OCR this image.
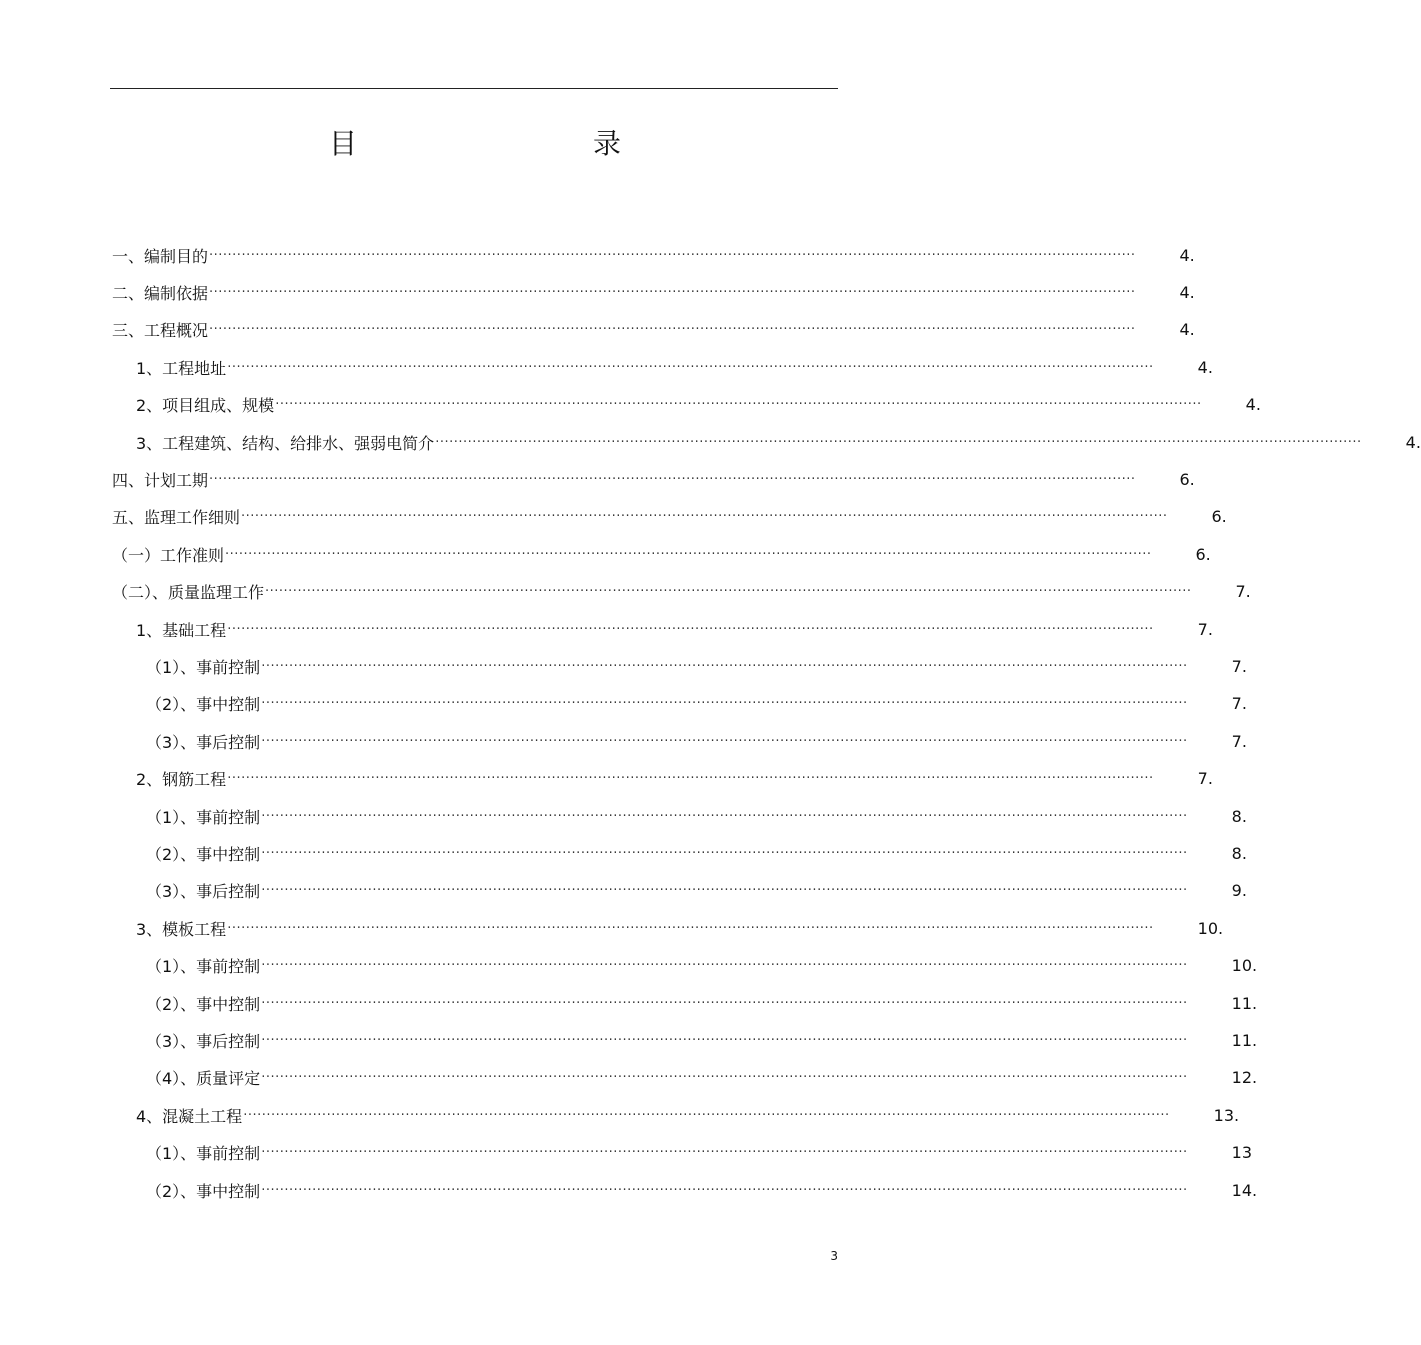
目　　录
一、编制目的 ········································································································································································································	4.
二、编制依据 ········································································································································································································	4.
三、工程概况 ········································································································································································································	4.
1、工程地址 ········································································································································································································	4.
2、项目组成、规模 ········································································································································································································	4.
3、工程建筑、结构、给排水、强弱电简介 ········································································································································································································	4.
四、计划工期 ········································································································································································································	6.
五、监理工作细则 ········································································································································································································	6.
（一）工作准则 ········································································································································································································	6.
（二）、质量监理工作 ········································································································································································································	7.
1、基础工程 ········································································································································································································	7.
（1）、事前控制 ········································································································································································································	7.
（2）、事中控制 ········································································································································································································	7.
（3）、事后控制 ········································································································································································································	7.
2、钢筋工程 ········································································································································································································	7.
（1）、事前控制 ········································································································································································································	8.
（2）、事中控制 ········································································································································································································	8.
（3）、事后控制 ········································································································································································································	9.
3、模板工程 ········································································································································································································	10.
（1）、事前控制 ········································································································································································································	10.
（2）、事中控制 ········································································································································································································	11.
（3）、事后控制 ········································································································································································································	11.
（4）、质量评定 ········································································································································································································	12.
4、混凝土工程 ········································································································································································································	13.
（1）、事前控制 ········································································································································································································	13
（2）、事中控制 ········································································································································································································	14.
3
